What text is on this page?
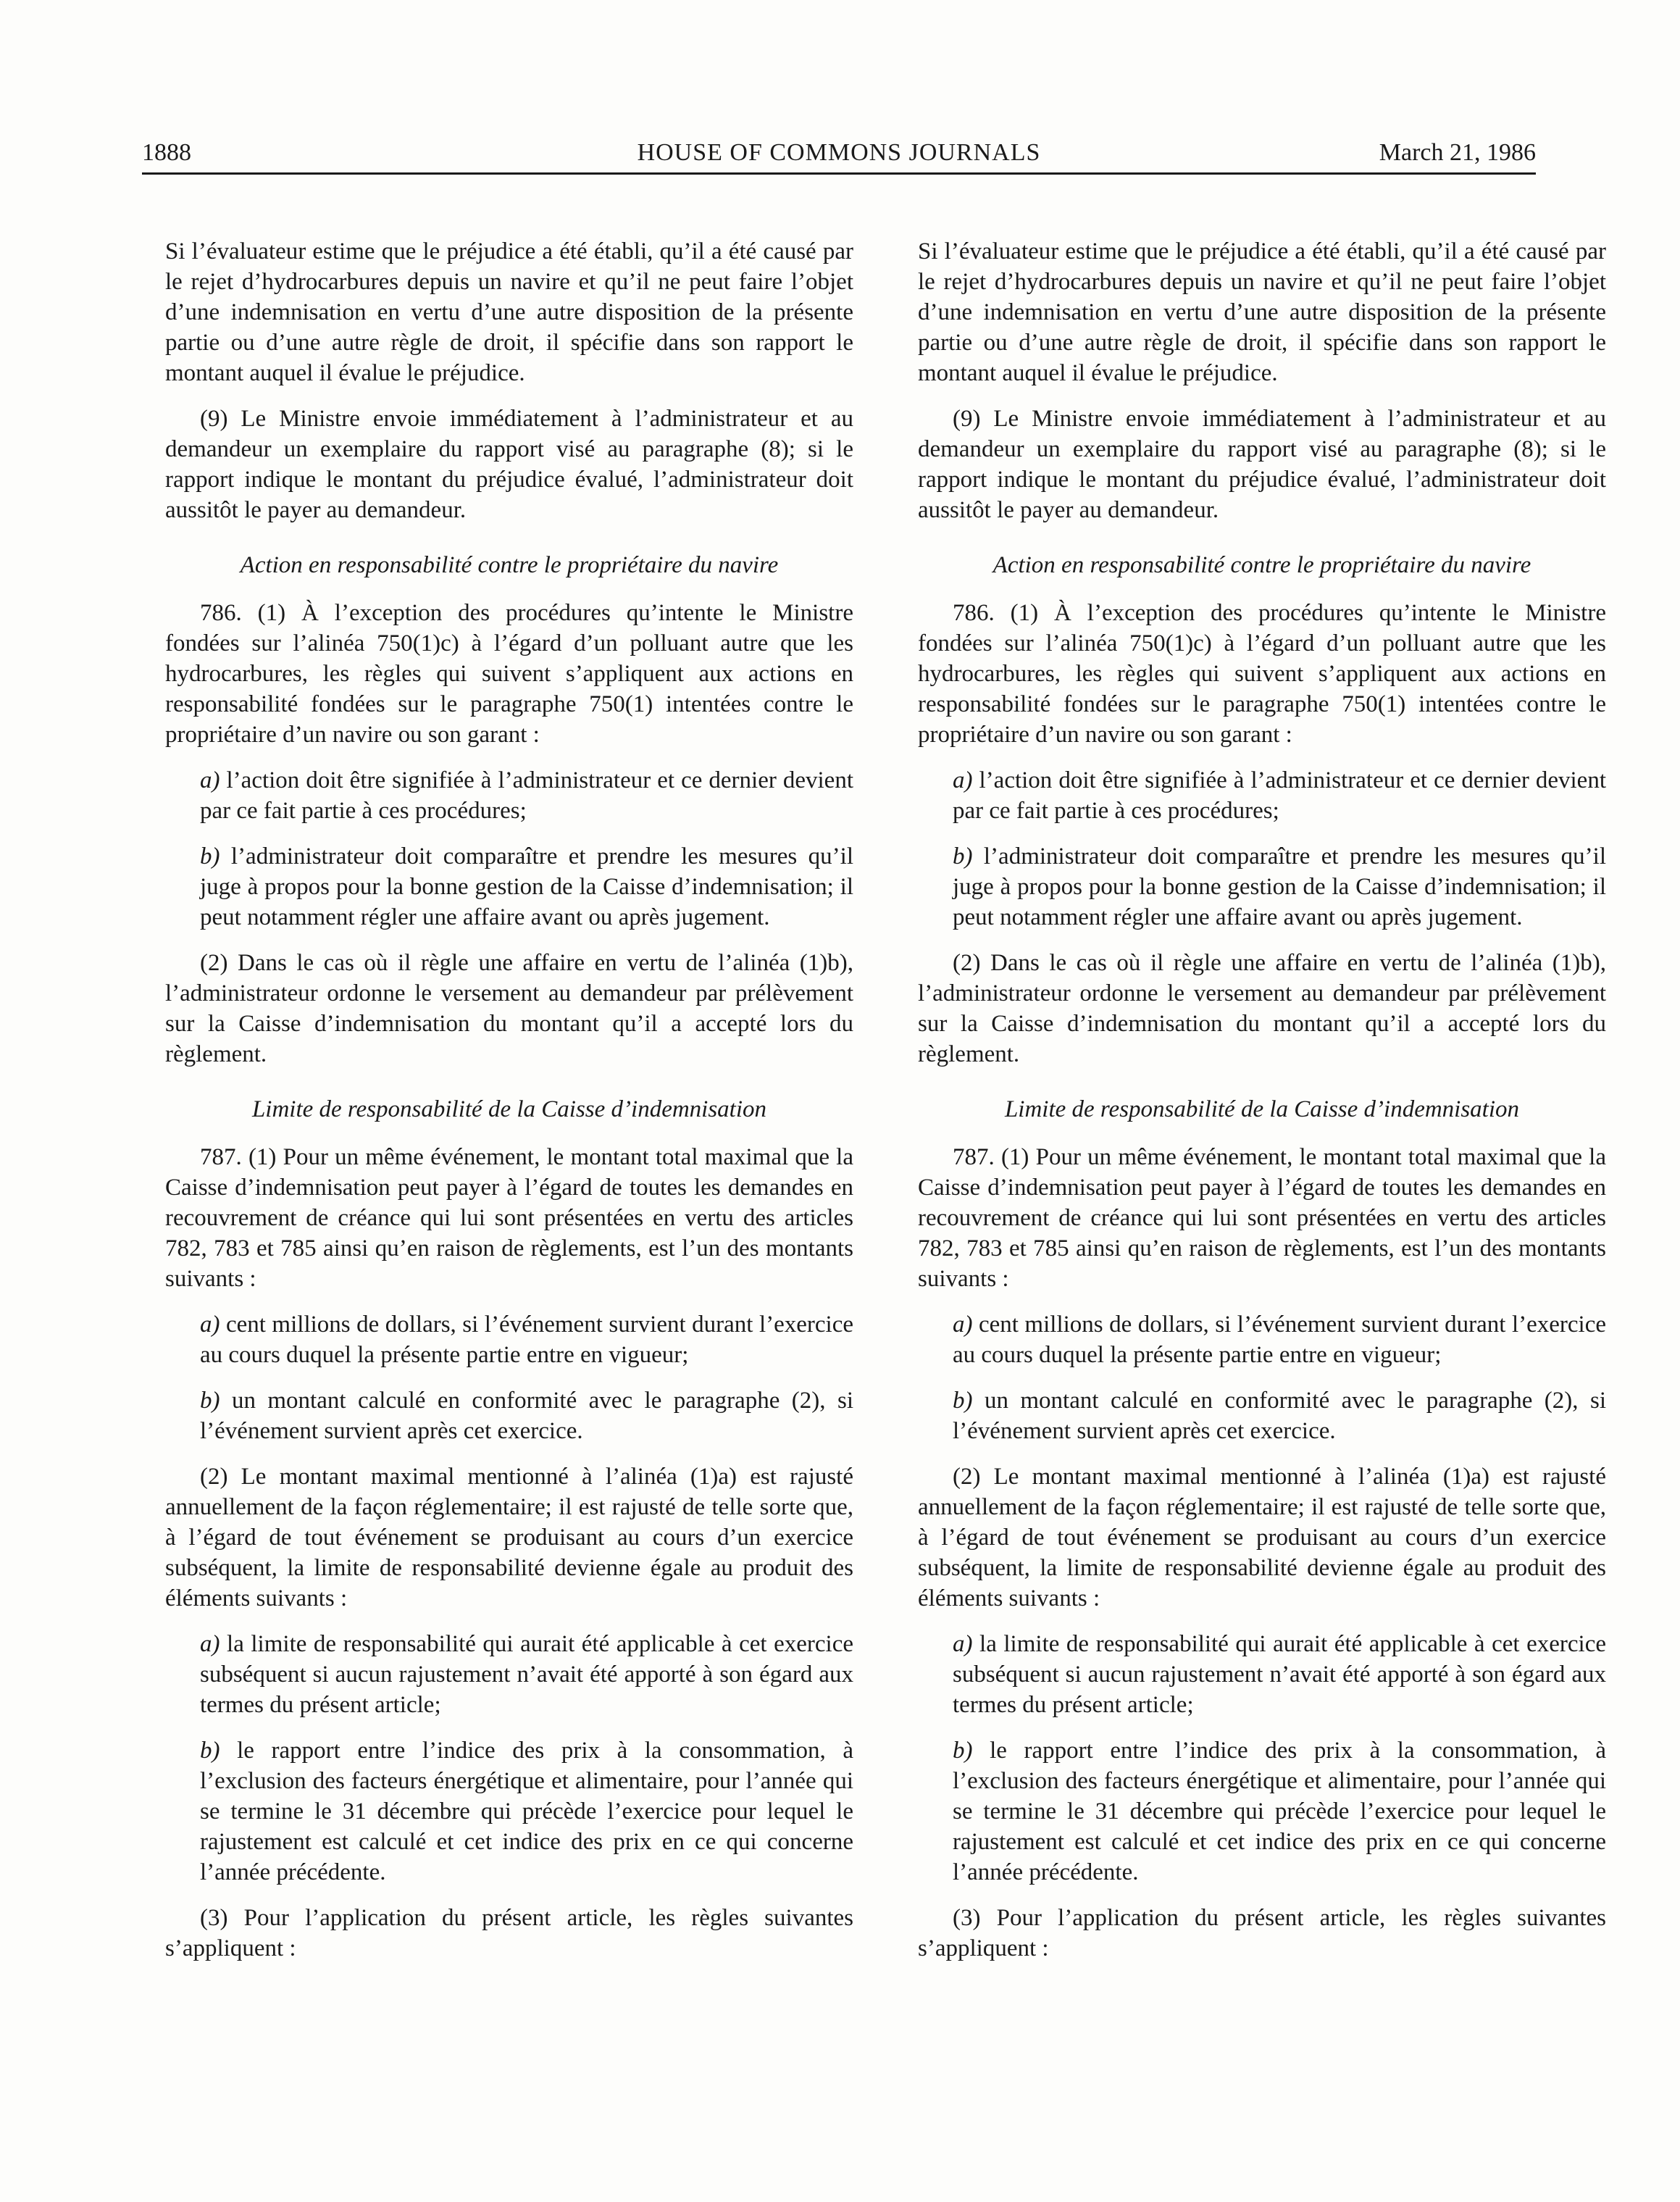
1888	HOUSE OF COMMONS JOURNALS	March 21, 1986

Si l’évaluateur estime que le préjudice a été établi, qu’il a été causé par le rejet d’hydrocarbures depuis un navire et qu’il ne peut faire l’objet d’une indemnisation en vertu d’une autre disposition de la présente partie ou d’une autre règle de droit, il spécifie dans son rapport le montant auquel il évalue le préjudice.

(9) Le Ministre envoie immédiatement à l’administrateur et au demandeur un exemplaire du rapport visé au paragraphe (8); si le rapport indique le montant du préjudice évalué, l’administrateur doit aussitôt le payer au demandeur.

Action en responsabilité contre le propriétaire du navire

786. (1) À l’exception des procédures qu’intente le Ministre fondées sur l’alinéa 750(1)c) à l’égard d’un polluant autre que les hydrocarbures, les règles qui suivent s’appliquent aux actions en responsabilité fondées sur le paragraphe 750(1) intentées contre le propriétaire d’un navire ou son garant :

a) l’action doit être signifiée à l’administrateur et ce dernier devient par ce fait partie à ces procédures;

b) l’administrateur doit comparaître et prendre les mesures qu’il juge à propos pour la bonne gestion de la Caisse d’indemnisation; il peut notamment régler une affaire avant ou après jugement.

(2) Dans le cas où il règle une affaire en vertu de l’alinéa (1)b), l’administrateur ordonne le versement au demandeur par prélèvement sur la Caisse d’indemnisation du montant qu’il a accepté lors du règlement.

Limite de responsabilité de la Caisse d’indemnisation

787. (1) Pour un même événement, le montant total maximal que la Caisse d’indemnisation peut payer à l’égard de toutes les demandes en recouvrement de créance qui lui sont présentées en vertu des articles 782, 783 et 785 ainsi qu’en raison de règlements, est l’un des montants suivants :

a) cent millions de dollars, si l’événement survient durant l’exercice au cours duquel la présente partie entre en vigueur;

b) un montant calculé en conformité avec le paragraphe (2), si l’événement survient après cet exercice.

(2) Le montant maximal mentionné à l’alinéa (1)a) est rajusté annuellement de la façon réglementaire; il est rajusté de telle sorte que, à l’égard de tout événement se produisant au cours d’un exercice subséquent, la limite de responsabilité devienne égale au produit des éléments suivants :

a) la limite de responsabilité qui aurait été applicable à cet exercice subséquent si aucun rajustement n’avait été apporté à son égard aux termes du présent article;

b) le rapport entre l’indice des prix à la consommation, à l’exclusion des facteurs énergétique et alimentaire, pour l’année qui se termine le 31 décembre qui précède l’exercice pour lequel le rajustement est calculé et cet indice des prix en ce qui concerne l’année précédente.

(3) Pour l’application du présent article, les règles suivantes s’appliquent :

Si l’évaluateur estime que le préjudice a été établi, qu’il a été causé par le rejet d’hydrocarbures depuis un navire et qu’il ne peut faire l’objet d’une indemnisation en vertu d’une autre disposition de la présente partie ou d’une autre règle de droit, il spécifie dans son rapport le montant auquel il évalue le préjudice.

(9) Le Ministre envoie immédiatement à l’administrateur et au demandeur un exemplaire du rapport visé au paragraphe (8); si le rapport indique le montant du préjudice évalué, l’administrateur doit aussitôt le payer au demandeur.

Action en responsabilité contre le propriétaire du navire

786. (1) À l’exception des procédures qu’intente le Ministre fondées sur l’alinéa 750(1)c) à l’égard d’un polluant autre que les hydrocarbures, les règles qui suivent s’appliquent aux actions en responsabilité fondées sur le paragraphe 750(1) intentées contre le propriétaire d’un navire ou son garant :

a) l’action doit être signifiée à l’administrateur et ce dernier devient par ce fait partie à ces procédures;

b) l’administrateur doit comparaître et prendre les mesures qu’il juge à propos pour la bonne gestion de la Caisse d’indemnisation; il peut notamment régler une affaire avant ou après jugement.

(2) Dans le cas où il règle une affaire en vertu de l’alinéa (1)b), l’administrateur ordonne le versement au demandeur par prélèvement sur la Caisse d’indemnisation du montant qu’il a accepté lors du règlement.

Limite de responsabilité de la Caisse d’indemnisation

787. (1) Pour un même événement, le montant total maximal que la Caisse d’indemnisation peut payer à l’égard de toutes les demandes en recouvrement de créance qui lui sont présentées en vertu des articles 782, 783 et 785 ainsi qu’en raison de règlements, est l’un des montants suivants :

a) cent millions de dollars, si l’événement survient durant l’exercice au cours duquel la présente partie entre en vigueur;

b) un montant calculé en conformité avec le paragraphe (2), si l’événement survient après cet exercice.

(2) Le montant maximal mentionné à l’alinéa (1)a) est rajusté annuellement de la façon réglementaire; il est rajusté de telle sorte que, à l’égard de tout événement se produisant au cours d’un exercice subséquent, la limite de responsabilité devienne égale au produit des éléments suivants :

a) la limite de responsabilité qui aurait été applicable à cet exercice subséquent si aucun rajustement n’avait été apporté à son égard aux termes du présent article;

b) le rapport entre l’indice des prix à la consommation, à l’exclusion des facteurs énergétique et alimentaire, pour l’année qui se termine le 31 décembre qui précède l’exercice pour lequel le rajustement est calculé et cet indice des prix en ce qui concerne l’année précédente.

(3) Pour l’application du présent article, les règles suivantes s’appliquent :
